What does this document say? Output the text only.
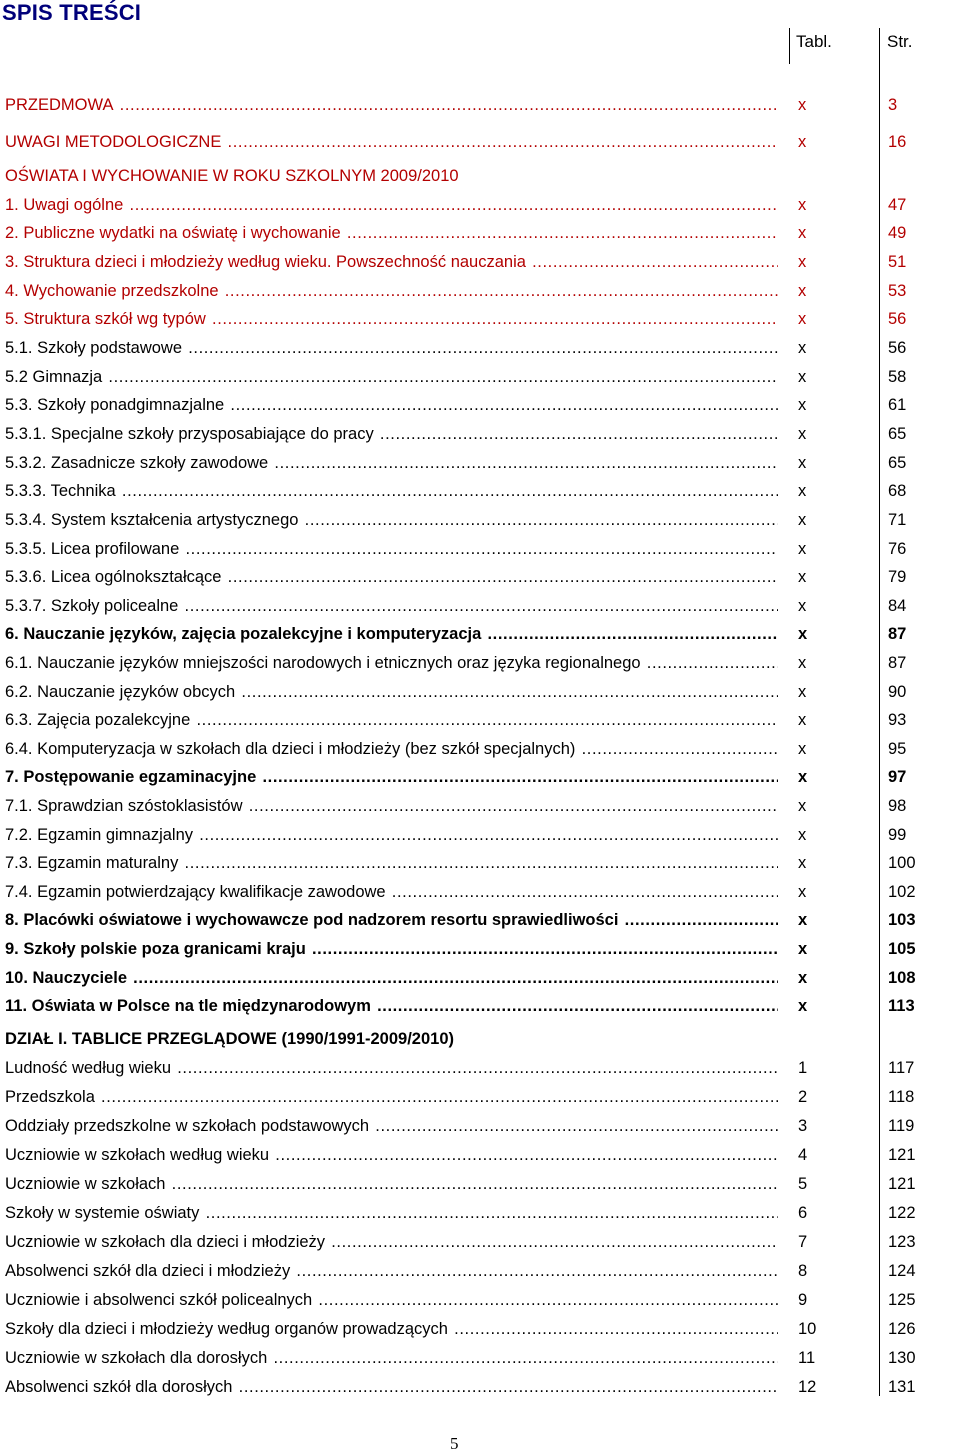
SPIS TREŚCI
Tabl.	Str.
PRZEDMOWA .....	x	3
UWAGI METODOLOGICZNE .....	x	16
OŚWIATA I WYCHOWANIE W ROKU SZKOLNYM 2009/2010
1. Uwagi ogólne .....	x	47
2. Publiczne wydatki na oświatę i wychowanie .....	x	49
3. Struktura dzieci i młodzieży według wieku. Powszechność nauczania .....	x	51
4. Wychowanie przedszkolne .....	x	53
5. Struktura szkół wg typów .....	x	56
5.1. Szkoły podstawowe .....	x	56
5.2 Gimnazja .....	x	58
5.3. Szkoły ponadgimnazjalne .....	x	61
5.3.1. Specjalne szkoły przysposabiające do pracy .....	x	65
5.3.2. Zasadnicze szkoły zawodowe .....	x	65
5.3.3. Technika .....	x	68
5.3.4. System kształcenia artystycznego .....	x	71
5.3.5. Licea profilowane .....	x	76
5.3.6. Licea ogólnokształcące .....	x	79
5.3.7. Szkoły policealne .....	x	84
6. Nauczanie języków, zajęcia pozalekcyjne i komputeryzacja .....	x	87
6.1. Nauczanie języków mniejszości narodowych i etnicznych oraz języka regionalnego .....	x	87
6.2. Nauczanie języków obcych .....	x	90
6.3. Zajęcia pozalekcyjne .....	x	93
6.4. Komputeryzacja w szkołach dla dzieci i młodzieży (bez szkół specjalnych) .....	x	95
7. Postępowanie egzaminacyjne .....	x	97
7.1. Sprawdzian szóstoklasistów .....	x	98
7.2. Egzamin gimnazjalny .....	x	99
7.3. Egzamin maturalny .....	x	100
7.4. Egzamin potwierdzający kwalifikacje zawodowe .....	x	102
8. Placówki oświatowe i wychowawcze pod nadzorem resortu sprawiedliwości .....	x	103
9. Szkoły polskie poza granicami kraju .....	x	105
10. Nauczyciele .....	x	108
11. Oświata w Polsce na tle międzynarodowym .....	x	113
DZIAŁ I. TABLICE PRZEGLĄDOWE (1990/1991-2009/2010)
Ludność według wieku .....	1	117
Przedszkola .....	2	118
Oddziały przedszkolne w szkołach podstawowych .....	3	119
Uczniowie w szkołach według wieku .....	4	121
Uczniowie w szkołach .....	5	121
Szkoły w systemie oświaty .....	6	122
Uczniowie w szkołach dla dzieci i młodzieży .....	7	123
Absolwenci szkół dla dzieci i młodzieży .....	8	124
Uczniowie i absolwenci szkół policealnych .....	9	125
Szkoły dla dzieci i młodzieży według organów prowadzących .....	10	126
Uczniowie w szkołach dla dorosłych .....	11	130
Absolwenci szkół dla dorosłych .....	12	131
5
